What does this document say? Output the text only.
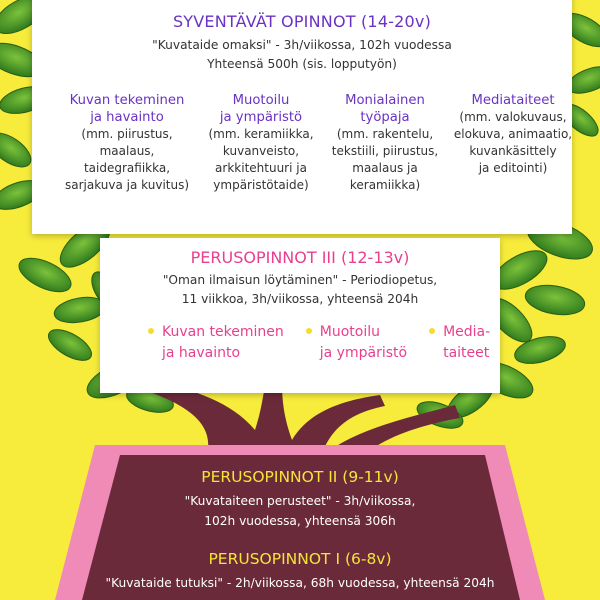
SYVENTÄVÄT OPINNOT (14-20v)
"Kuvataide omaksi" - 3h/viikossa, 102h vuodessa
Yhteensä 500h (sis. lopputyön)
Kuvan tekeminen
ja havainto
(mm. piirustus,
maalaus,
taidegrafiikka,
sarjakuva ja kuvitus)
Muotoilu
ja ympäristö
(mm. keramiikka,
kuvanveisto,
arkkitehtuuri ja
ympäristötaide)
Monialainen
työpaja
(mm. rakentelu,
tekstiili, piirustus,
maalaus ja
keramiikka)
Mediataiteet
(mm. valokuvaus,
elokuva, animaatio,
kuvankäsittely
ja editointi)
PERUSOPINNOT III (12-13v)
"Oman ilmaisun löytäminen" - Periodiopetus,
11 viikkoa, 3h/viikossa, yhteensä 204h
Kuvan tekeminen
ja havainto
Muotoilu
ja ympäristö
Media-
taiteet
PERUSOPINNOT II (9-11v)
"Kuvataiteen perusteet" - 3h/viikossa,
102h vuodessa, yhteensä 306h
PERUSOPINNOT I (6-8v)
"Kuvataide tutuksi" - 2h/viikossa, 68h vuodessa, yhteensä 204h
